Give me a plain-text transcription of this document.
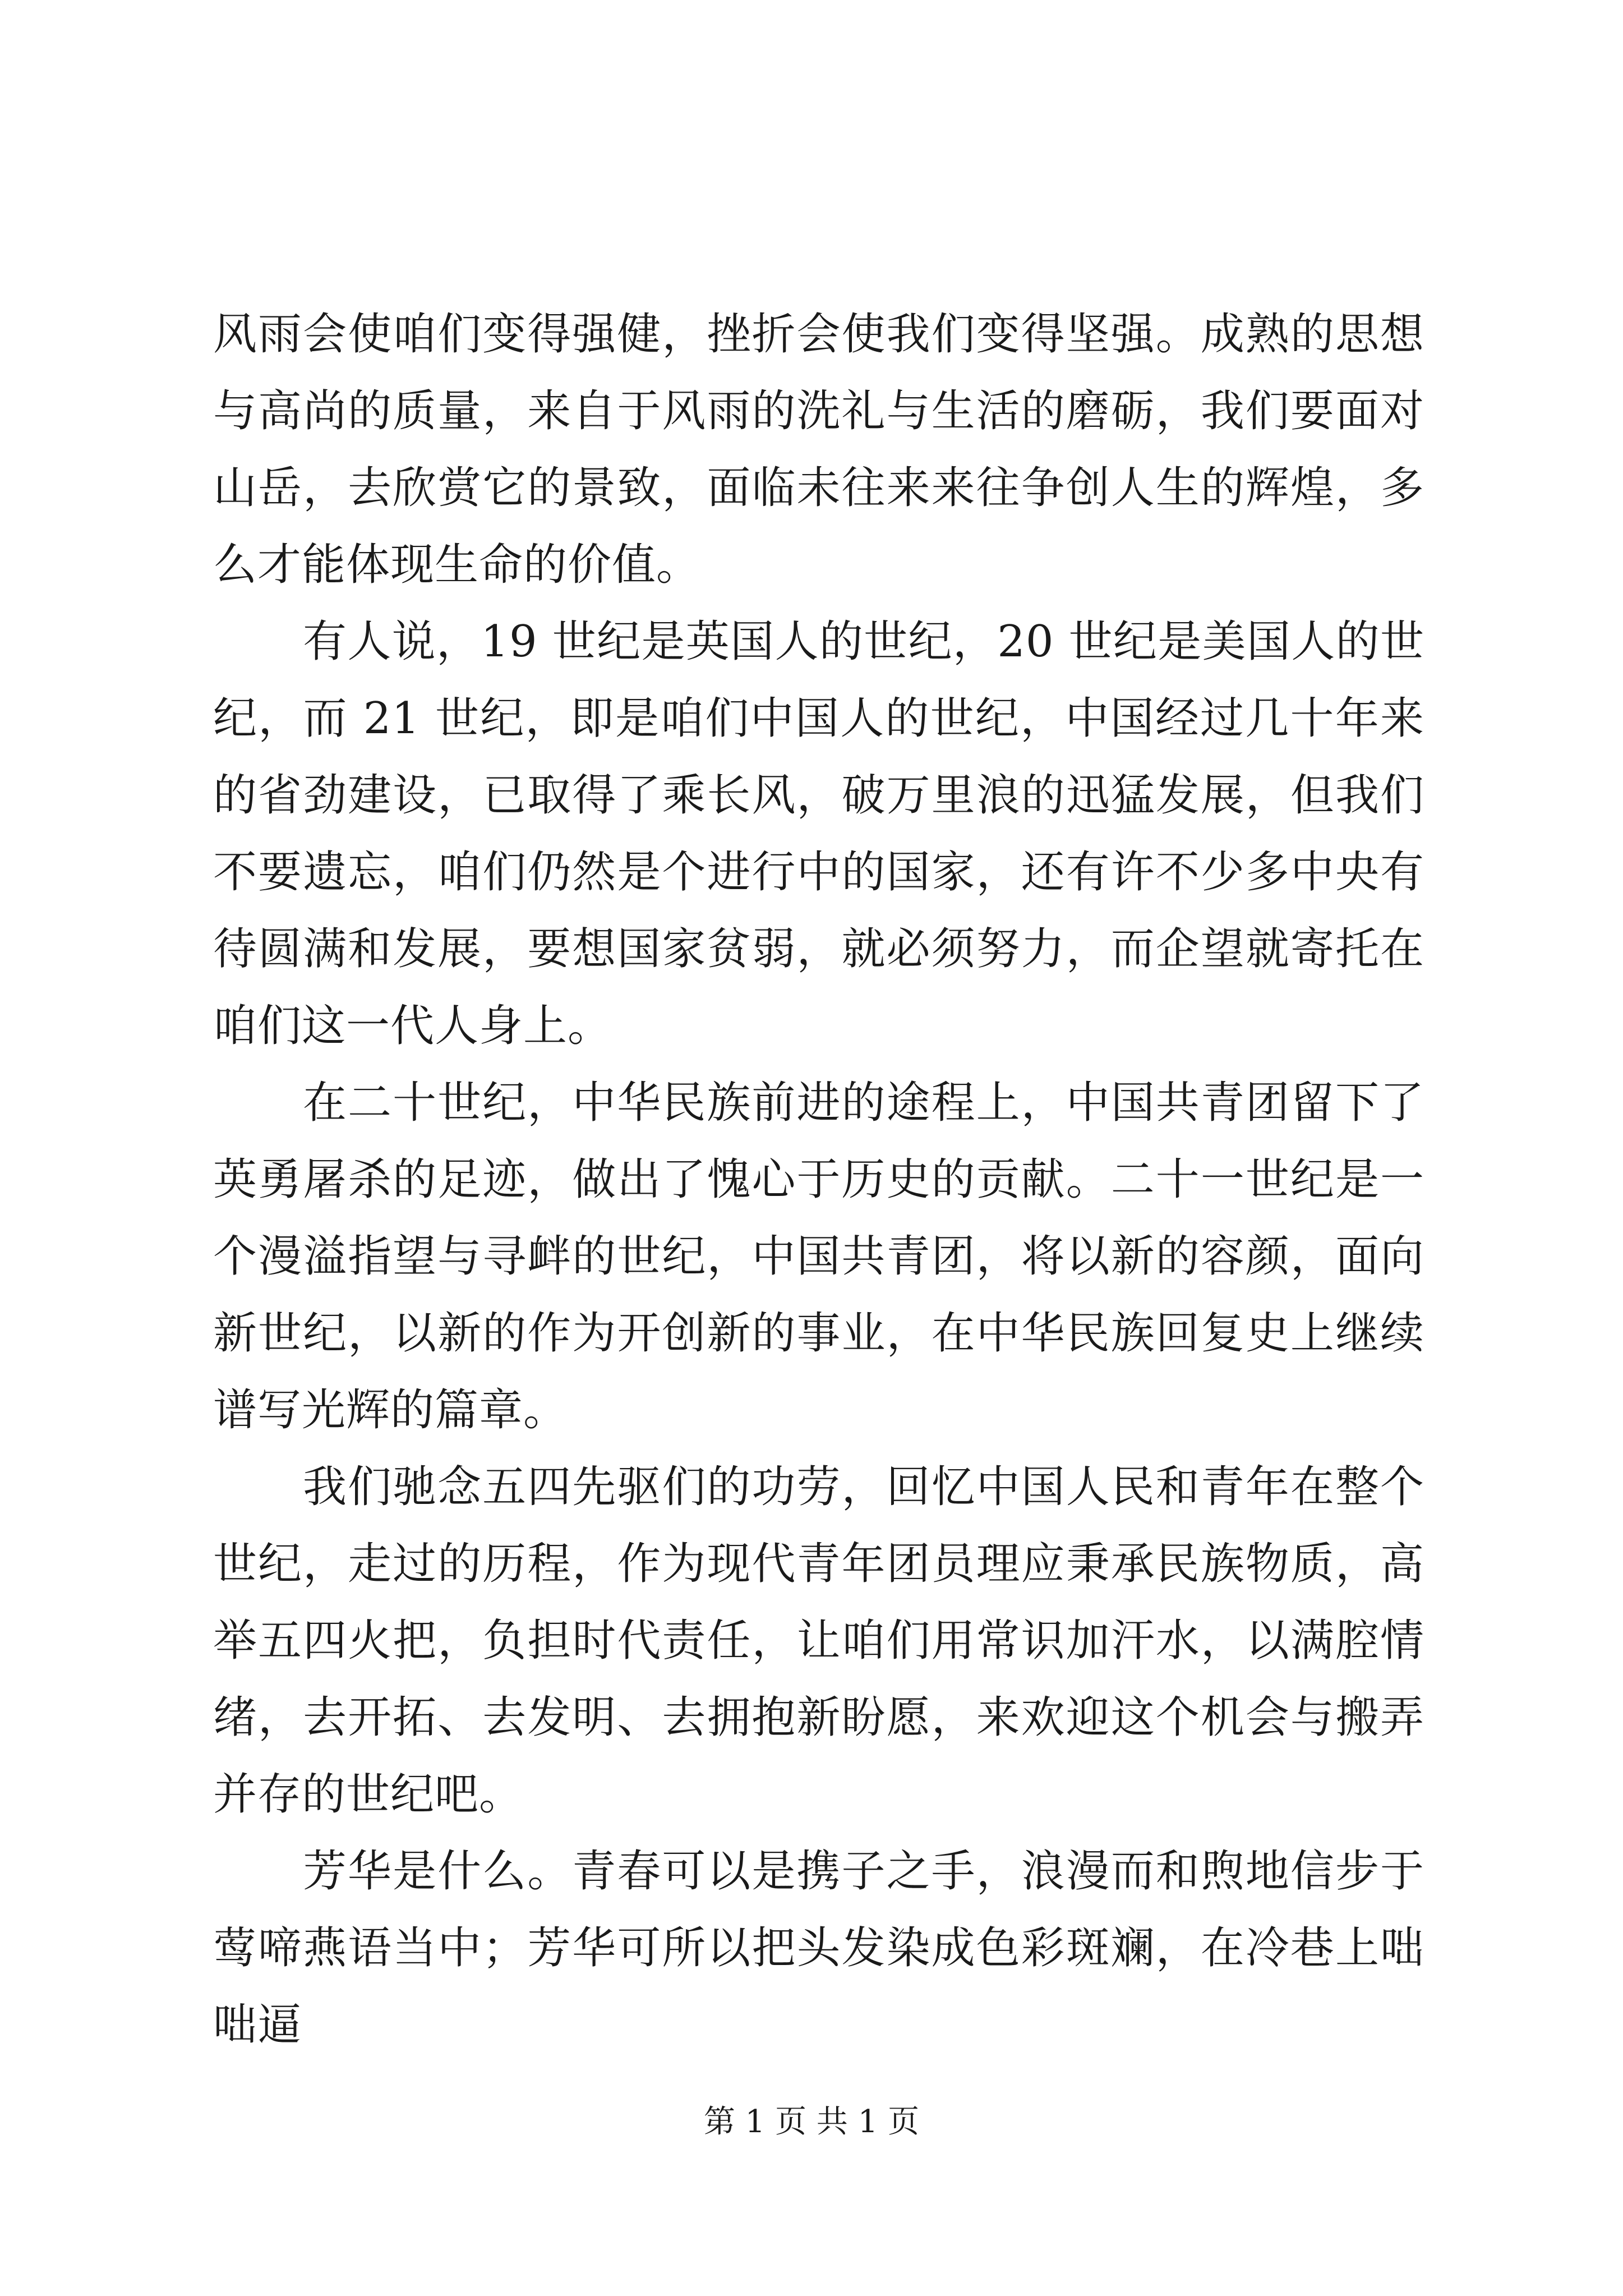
风雨会使咱们变得强健，挫折会使我们变得坚强。成熟的思想与高尚的质量，来自于风雨的洗礼与生活的磨砺，我们要面对山岳，去欣赏它的景致，面临未往来来往争创人生的辉煌，多么才能体现生命的价值。

有人说，19 世纪是英国人的世纪，20 世纪是美国人的世纪，而 21 世纪，即是咱们中国人的世纪，中国经过几十年来的省劲建设，已取得了乘长风，破万里浪的迅猛发展，但我们不要遗忘，咱们仍然是个进行中的国家，还有许不少多中央有待圆满和发展，要想国家贫弱，就必须努力，而企望就寄托在咱们这一代人身上。

在二十世纪，中华民族前进的途程上，中国共青团留下了英勇屠杀的足迹，做出了愧心于历史的贡献。二十一世纪是一个漫溢指望与寻衅的世纪，中国共青团，将以新的容颜，面向新世纪，以新的作为开创新的事业，在中华民族回复史上继续谱写光辉的篇章。

我们驰念五四先驱们的功劳，回忆中国人民和青年在整个世纪，走过的历程，作为现代青年团员理应秉承民族物质，高举五四火把，负担时代责任，让咱们用常识加汗水，以满腔情绪，去开拓、去发明、去拥抱新盼愿，来欢迎这个机会与搬弄并存的世纪吧。

芳华是什么。青春可以是携子之手，浪漫而和煦地信步于莺啼燕语当中；芳华可所以把头发染成色彩斑斓，在冷巷上咄咄逼

第 1 页 共 1 页
